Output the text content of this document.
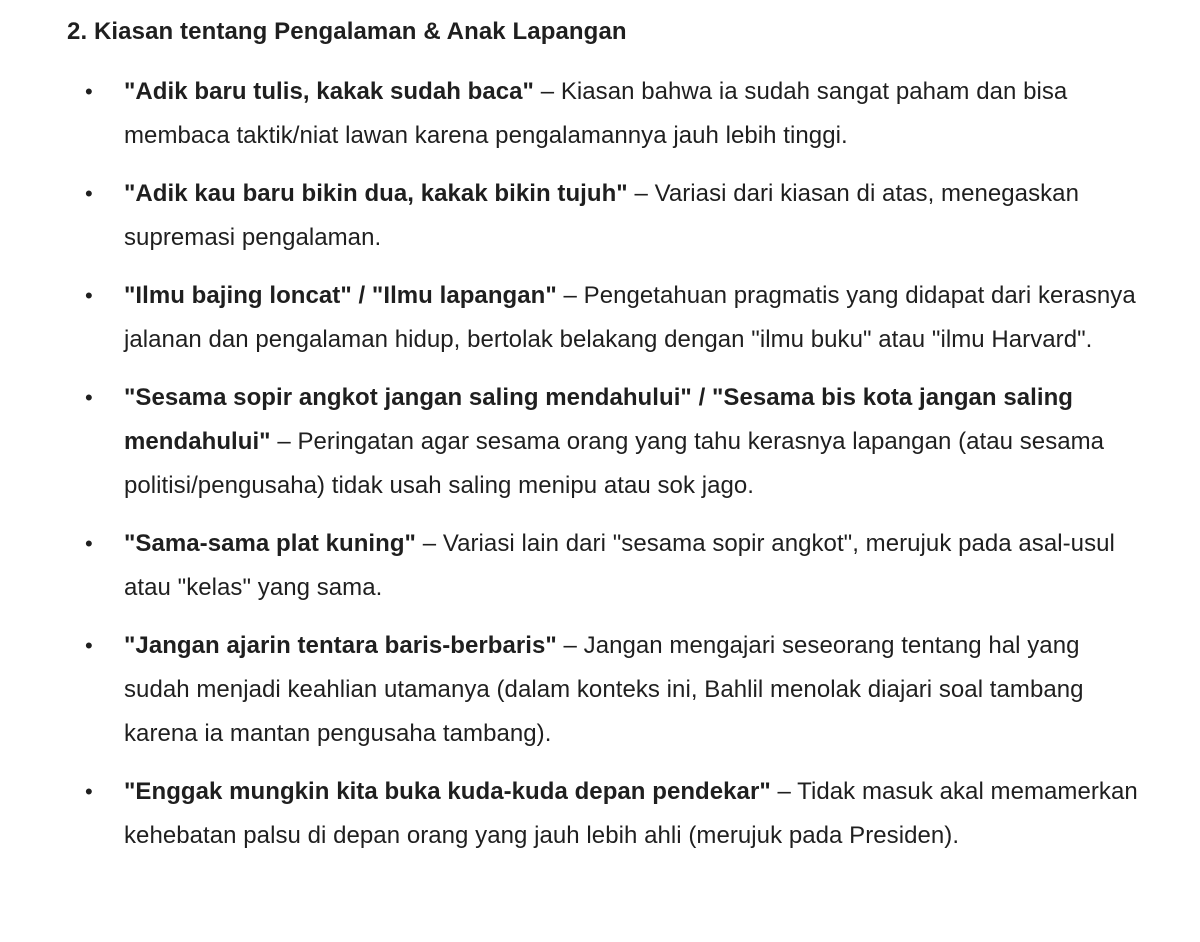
2. Kiasan tentang Pengalaman & Anak Lapangan
• "Adik baru tulis, kakak sudah baca" – Kiasan bahwa ia sudah sangat paham dan bisa membaca taktik/niat lawan karena pengalamannya jauh lebih tinggi.
• "Adik kau baru bikin dua, kakak bikin tujuh" – Variasi dari kiasan di atas, menegaskan supremasi pengalaman.
• "Ilmu bajing loncat" / "Ilmu lapangan" – Pengetahuan pragmatis yang didapat dari kerasnya jalanan dan pengalaman hidup, bertolak belakang dengan "ilmu buku" atau "ilmu Harvard".
• "Sesama sopir angkot jangan saling mendahului" / "Sesama bis kota jangan saling mendahului" – Peringatan agar sesama orang yang tahu kerasnya lapangan (atau sesama politisi/pengusaha) tidak usah saling menipu atau sok jago.
• "Sama-sama plat kuning" – Variasi lain dari "sesama sopir angkot", merujuk pada asal-usul atau "kelas" yang sama.
• "Jangan ajarin tentara baris-berbaris" – Jangan mengajari seseorang tentang hal yang sudah menjadi keahlian utamanya (dalam konteks ini, Bahlil menolak diajari soal tambang karena ia mantan pengusaha tambang).
• "Enggak mungkin kita buka kuda-kuda depan pendekar" – Tidak masuk akal memamerkan kehebatan palsu di depan orang yang jauh lebih ahli (merujuk pada Presiden).
